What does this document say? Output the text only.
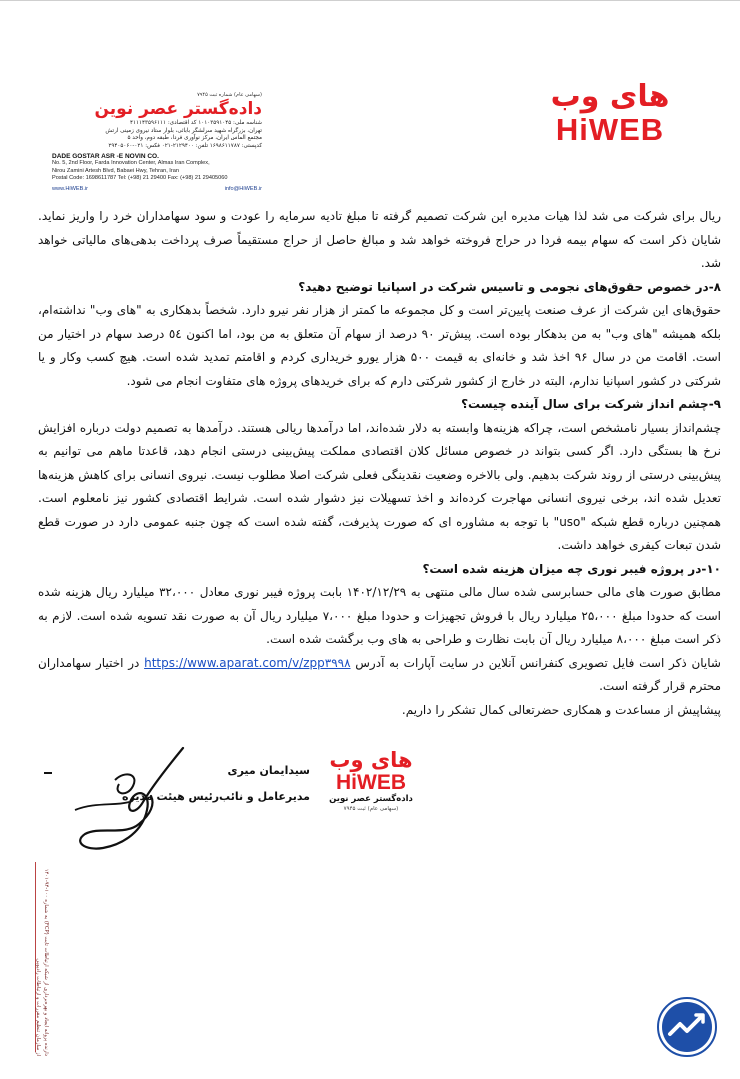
های وب
HiWEB
(سهامی عام) شماره ثبت ۷۹۴۵
داده‌گستر عصر نوین
شناسه ملی: ۱۰۱۰۳۵۹۱۰۴۵ کد اقتصادی: ۴۱۱۱۴۳۵۹۶۱۱۱
تهران، بزرگراه شهید سرلشگر بابائی، بلوار ستاد نیروی زمینی ارتش
مجتمع الماس ایران، مرکز نوآوری فردا، طبقه دوم، واحد ۵
کدپستی: ۱۶۹۸۶۱۱۷۸۷ تلفن: ۲۱۲۹۴۰۰-۰۲۱ فکس: ۰۲۱-۲۹۴۰۵۰۶۰
DADE GOSTAR ASR -E NOVIN CO.
No. 5, 2nd Floor, Farda Innovation Center, Almas Iran Complex,
Nirou Zamini Artesh Blvd, Babaei Hwy, Tehran, Iran
Postal Code: 1698611787 Tel: (+98) 21 29400 Fax: (+98) 21 29405060
www.HiWEB.ir	info@HiWEB.ir

ریال برای شرکت می شد لذا هیات مدیره این شرکت تصمیم گرفته تا مبلغ تادیه سرمایه را عودت و سود سهامداران خرد را واریز نماید. شایان ذکر است که سهام بیمه فردا در حراج فروخته خواهد شد و مبالغ حاصل از حراج مستقیماً صرف پرداخت بدهی‌های مالیاتی خواهد شد.

۸-در خصوص حقوق‌های نجومی و تاسیس شرکت در اسپانیا توضیح دهید؟

حقوق‌های این شرکت از عرف صنعت پایین‌تر است و کل مجموعه ما کمتر از هزار نفر نیرو دارد. شخصاً بدهکاری به "های وب" نداشته‌ام، بلکه همیشه "های وب" به من بدهکار بوده است. پیش‌تر ۹۰ درصد از سهام آن متعلق به من بود، اما اکنون ٥٤ درصد سهام در اختیار من است. اقامت من در سال ۹۶ اخذ شد و خانه‌ای به قیمت ۵۰۰ هزار یورو خریداری کردم و اقامتم تمدید شده است. هیچ کسب وکار و یا شرکتی در کشور اسپانیا ندارم، البته در خارج از کشور شرکتی دارم که برای خریدهای پروژه های متفاوت انجام می شود.

۹-چشم انداز شرکت برای سال آینده چیست؟

چشم‌انداز بسیار نامشخص است، چراکه هزینه‌ها وابسته به دلار شده‌اند، اما درآمدها ریالی هستند. درآمدها به تصمیم دولت درباره افزایش نرخ ها بستگی دارد. اگر کسی بتواند در خصوص مسائل کلان اقتصادی مملکت پیش‌بینی درستی انجام دهد، قاعدتا ماهم می توانیم به پیش‌بینی درستی از روند شرکت بدهیم. ولی بالاخره وضعیت نقدینگی فعلی شرکت اصلا مطلوب نیست. نیروی انسانی برای کاهش هزینه‌ها تعدیل شده اند، برخی نیروی انسانی مهاجرت کرده‌اند و اخذ تسهیلات نیز دشوار شده است. شرایط اقتصادی کشور نیز نامعلوم است. همچنین درباره قطع شبکه "uso" با توجه به مشاوره ای که صورت پذیرفت، گفته شده است که چون جنبه عمومی دارد در صورت قطع شدن تبعات کیفری خواهد داشت.

۱۰-در پروژه فیبر نوری چه میزان هزینه شده است؟

مطابق صورت های مالی حسابرسی شده سال مالی منتهی به ۱۴۰۲/۱۲/۲۹ بابت پروژه فیبر نوری معادل ۳۲،۰۰۰ میلیارد ریال هزینه شده است که حدودا مبلغ ۲۵،۰۰۰ میلیارد ریال با فروش تجهیزات و حدودا مبلغ ۷،۰۰۰ میلیارد ریال آن به صورت نقد تسویه شده است. لازم به ذکر است مبلغ ۸،۰۰۰ میلیارد ریال آن بابت نظارت و طراحی به های وب برگشت شده است.

شایان ذکر است فایل تصویری کنفرانس آنلاین در سایت آپارات به آدرس https://www.aparat.com/v/zpp۳۹۹۸ در اختیار سهامداران محترم قرار گرفته است.

پیشاپیش از مساعدت و همکاری حضرتعالی کمال تشکر را داریم.

سیدایمان میری
مدیرعامل و نائب‌رئیس هیئت مدیره
های وب
HiWEB
داده‌گستر عصر نوین
(سهامی عام) ثبت ۷۹۴۵
دارنده پروانه ایجاد و بهره‌برداری از شبکه ارتباطات ثابت (FCP) به شماره ۱۰۰-۹۴-۱۴۰۱ از سازمان تنظیم مقررات و ارتباطات رادیویی
